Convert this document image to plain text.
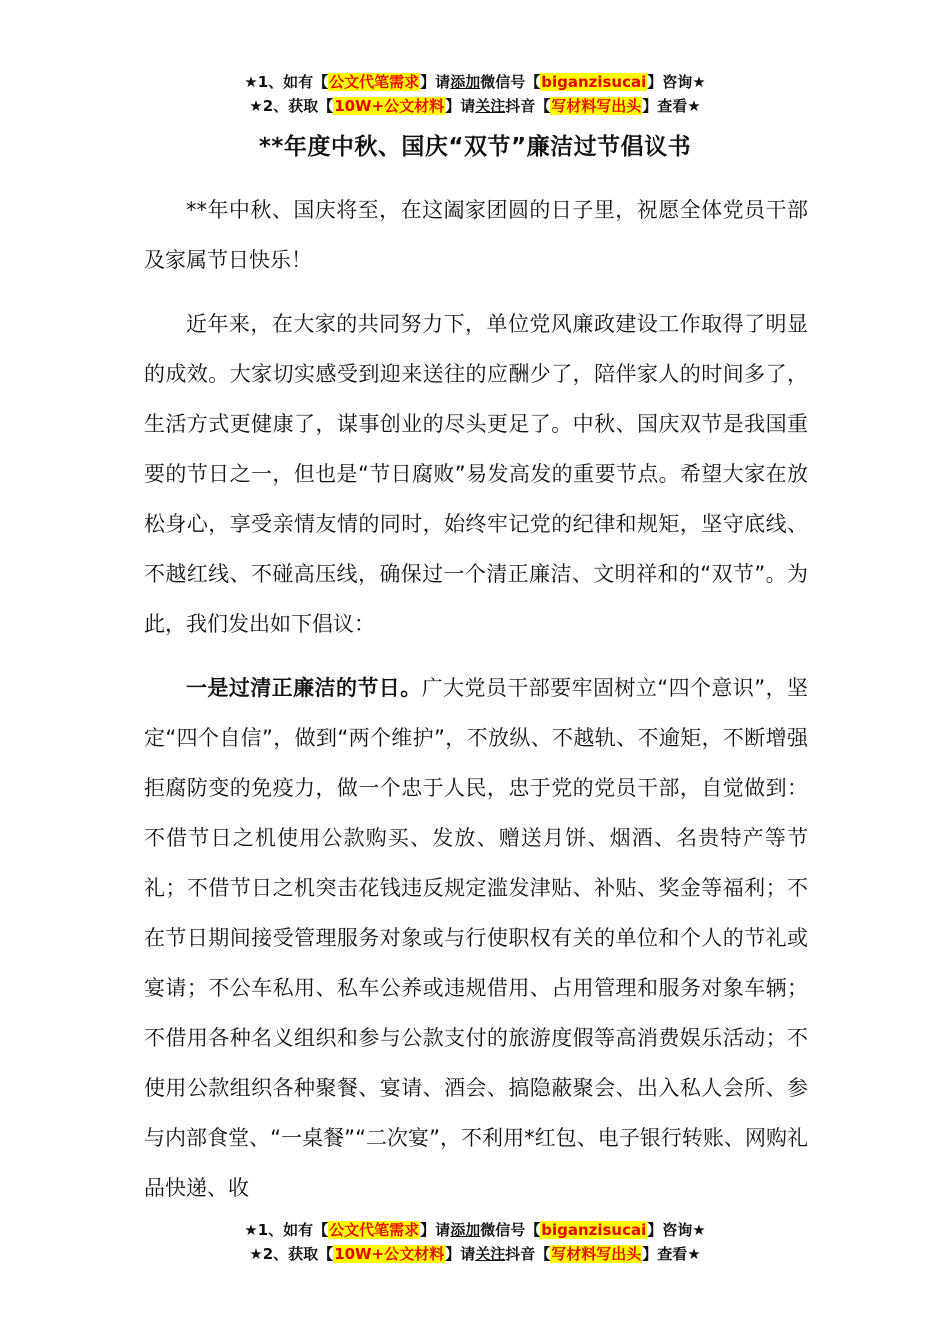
★1、如有【公文代笔需求】请添加微信号【biganzisucai】咨询★
★2、获取【10W+公文材料】请关注抖音【写材料写出头】查看★
**年度中秋、国庆“双节”廉洁过节倡议书

**年中秋、国庆将至，在这阖家团圆的日子里，祝愿全体党员干部及家属节日快乐！

近年来，在大家的共同努力下，单位党风廉政建设工作取得了明显的成效。大家切实感受到迎来送往的应酬少了，陪伴家人的时间多了，生活方式更健康了，谋事创业的尽头更足了。中秋、国庆双节是我国重要的节日之一，但也是“节日腐败”易发高发的重要节点。希望大家在放松身心，享受亲情友情的同时，始终牢记党的纪律和规矩，坚守底线、不越红线、不碰高压线，确保过一个清正廉洁、文明祥和的“双节”。为此，我们发出如下倡议：

一是过清正廉洁的节日。广大党员干部要牢固树立“四个意识”，坚定“四个自信”，做到“两个维护”，不放纵、不越轨、不逾矩，不断增强拒腐防变的免疫力，做一个忠于人民，忠于党的党员干部，自觉做到：不借节日之机使用公款购买、发放、赠送月饼、烟酒、名贵特产等节礼；不借节日之机突击花钱违反规定滥发津贴、补贴、奖金等福利；不在节日期间接受管理服务对象或与行使职权有关的单位和个人的节礼或宴请；不公车私用、私车公养或违规借用、占用管理和服务对象车辆；不借用各种名义组织和参与公款支付的旅游度假等高消费娱乐活动；不使用公款组织各种聚餐、宴请、酒会、搞隐蔽聚会、出入私人会所、参与内部食堂、“一桌餐”“二次宴”，不利用*红包、电子银行转账、网购礼品快递、收

★1、如有【公文代笔需求】请添加微信号【biganzisucai】咨询★
★2、获取【10W+公文材料】请关注抖音【写材料写出头】查看★
